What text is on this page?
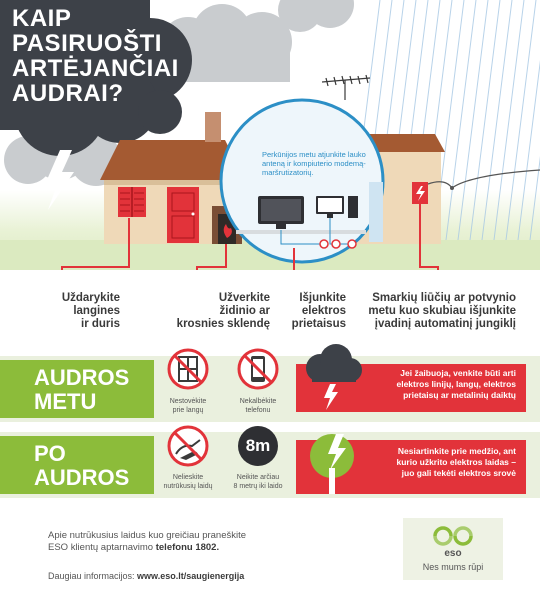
KAIP
PASIRUOŠTI
ARTĖJANČIAI
AUDRAI?
Perkūnijos metu atjunkite lauko anteną ir kompiuterio modemą-maršrutizatorių.
Uždarykite
langines
ir duris
Užverkite
židinio ar
krosnies sklendę
Išjunkite
elektros
prietaisus
Smarkių liūčių ar potvynio
metu kuo skubiau išjunkite
įvadinį automatinį jungiklį
AUDROS
METU	Nestovėkite
prie langų
Nekalbėkite
telefonu
Jei žaibuoja, venkite būti arti
elektros linijų, langų, elektros
prietaisų ar metalinių daiktų
PO
AUDROS	Nelieskite
nutrūkusių laidų
8m
Neikite arčiau
8 metrų iki laido
Nesiartinkite prie medžio, ant
kurio užkrito elektros laidas –
juo gali tekėti elektros srovė
Apie nutrūkusius laidus kuo greičiau praneškite
ESO klientų aptarnavimo telefonu 1802.
Daugiau informacijos: www.eso.lt/saugienergija
eso
Nes mums rūpi
